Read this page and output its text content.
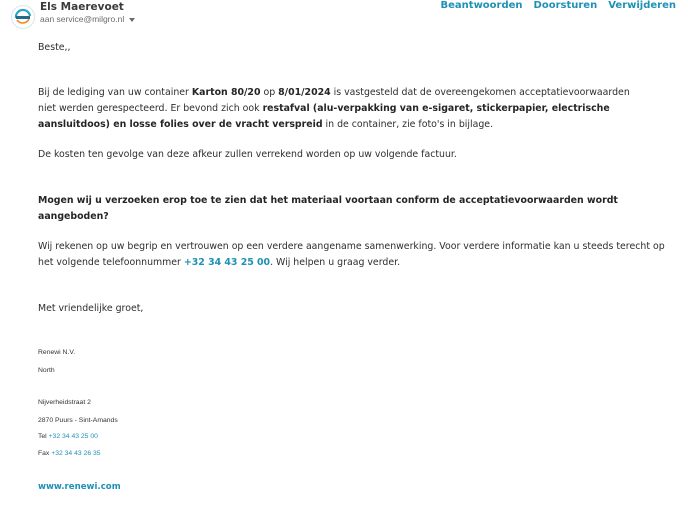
Els Maerevoet
aan service@milgro.nl
Beantwoorden Doorsturen Verwijderen

Beste,,

Bij de lediging van uw container Karton 80/20 op 8/01/2024 is vastgesteld dat de overeengekomen acceptatievoorwaarden niet werden gerespecteerd. Er bevond zich ook restafval (alu-verpakking van e-sigaret, stickerpapier, electrische aansluitdoos) en losse folies over de vracht verspreid in de container, zie foto's in bijlage.

De kosten ten gevolge van deze afkeur zullen verrekend worden op uw volgende factuur.

Mogen wij u verzoeken erop toe te zien dat het materiaal voortaan conform de acceptatievoorwaarden wordt aangeboden?

Wij rekenen op uw begrip en vertrouwen op een verdere aangename samenwerking. Voor verdere informatie kan u steeds terecht op het volgende telefoonnummer +32 34 43 25 00. Wij helpen u graag verder.

Met vriendelijke groet,

Renewi N.V.
North
Nijverheidstraat 2
2870 Puurs - Sint-Amands
Tel +32 34 43 25 00
Fax +32 34 43 26 35
www.renewi.com
